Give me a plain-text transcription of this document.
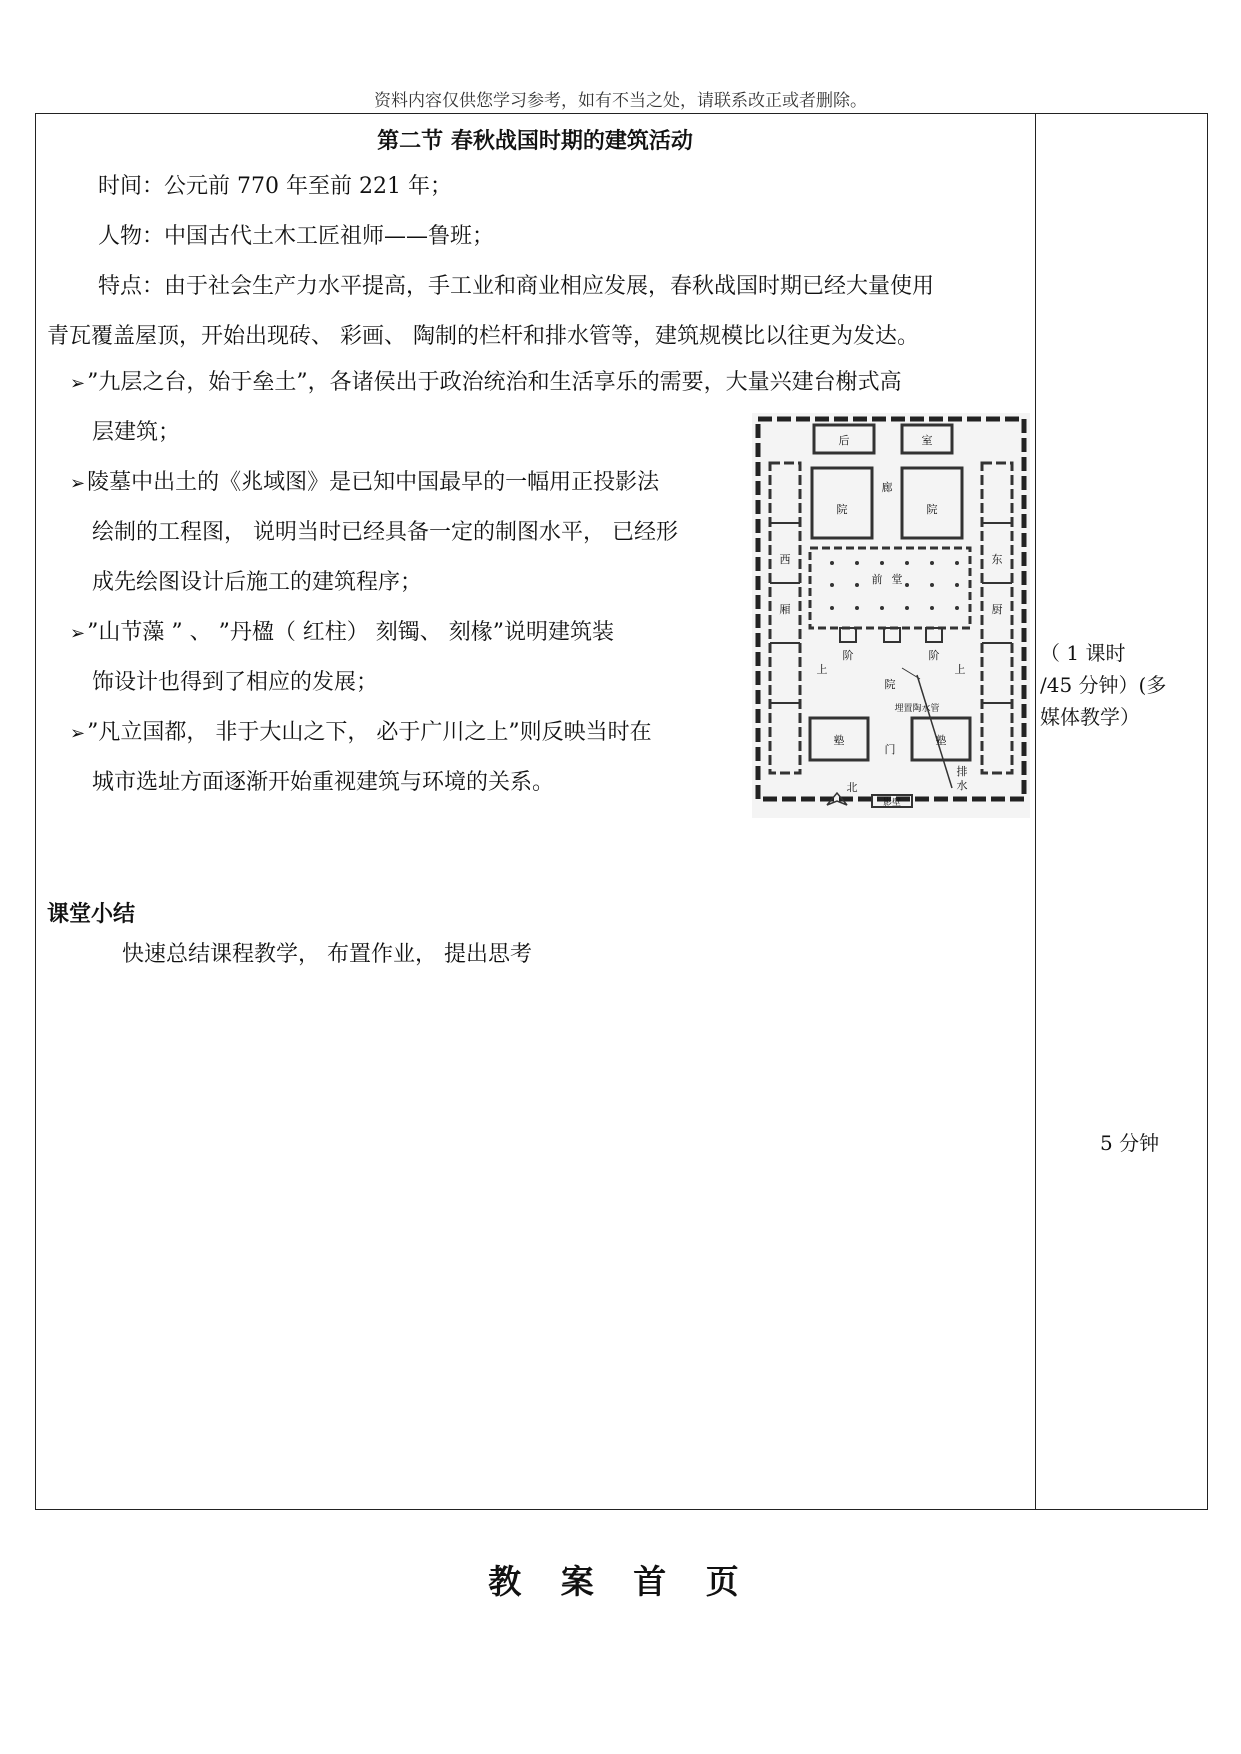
资料内容仅供您学习参考，如有不当之处，请联系改正或者删除。
第二节 春秋战国时期的建筑活动
时间：公元前 770 年至前 221 年；
人物：中国古代土木工匠祖师——鲁班；
特点：由于社会生产力水平提高，手工业和商业相应发展，春秋战国时期已经大量使用
青瓦覆盖屋顶，开始出现砖、 彩画、 陶制的栏杆和排水管等，建筑规模比以往更为发达。
➢”九层之台，始于垒土”，各诸侯出于政治统治和生活享乐的需要，大量兴建台榭式高
层建筑；
➢陵墓中出土的《兆域图》是已知中国最早的一幅用正投影法
绘制的工程图， 说明当时已经具备一定的制图水平， 已经形
成先绘图设计后施工的建筑程序；
➢”山节藻 ” 、 ”丹楹（ 红柱） 刻镯、 刻椽”说明建筑装
饰设计也得到了相应的发展；
➢”凡立国都， 非于大山之下， 必于广川之上”则反映当时在
城市选址方面逐渐开始重视建筑与环境的关系。
后	室
廊
院	院
西	东
前 堂
厢	厨
阶	阶
院
上	上
埋置陶水管
塾	塾
门
排
水
北
影壁
课堂小结
快速总结课程教学， 布置作业， 提出思考
（ 1 课时
/45 分钟）(多
媒体教学）
5 分钟
教 案 首 页
